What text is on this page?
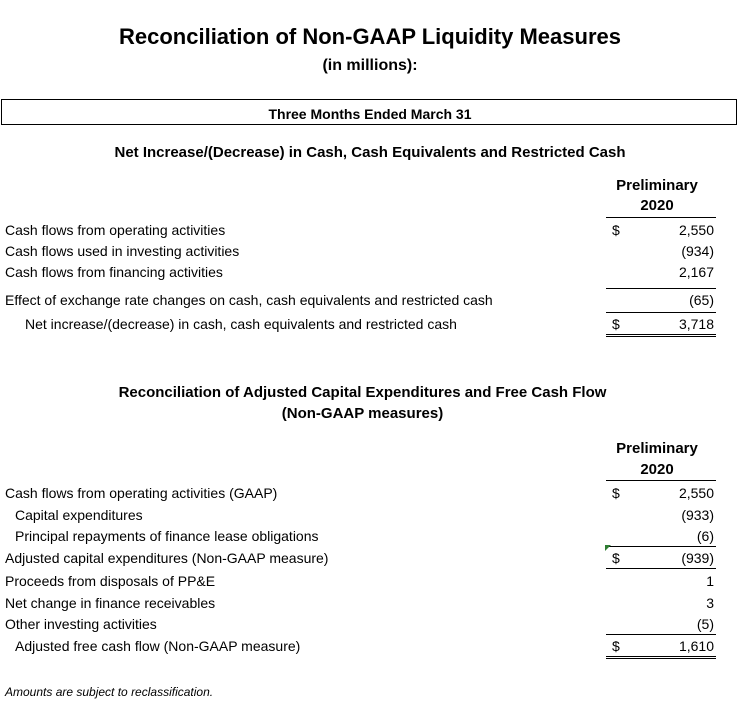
Reconciliation of Non-GAAP Liquidity Measures
(in millions):
Three Months Ended March 31
Net Increase/(Decrease) in Cash, Cash Equivalents and Restricted Cash
Preliminary
2020
Cash flows from operating activities	$	2,550
Cash flows used in investing activities	(934)
Cash flows from financing activities	2,167
Effect of exchange rate changes on cash, cash equivalents and restricted cash	(65)
Net increase/(decrease) in cash, cash equivalents and restricted cash	$	3,718
Reconciliation of Adjusted Capital Expenditures and Free Cash Flow
(Non-GAAP measures)
Preliminary
2020
Cash flows from operating activities (GAAP)	$	2,550
Capital expenditures	(933)
Principal repayments of finance lease obligations	(6)
Adjusted capital expenditures (Non-GAAP measure)	$	(939)
Proceeds from disposals of PP&E	1
Net change in finance receivables	3
Other investing activities	(5)
Adjusted free cash flow (Non-GAAP measure)	$	1,610
Amounts are subject to reclassification.
